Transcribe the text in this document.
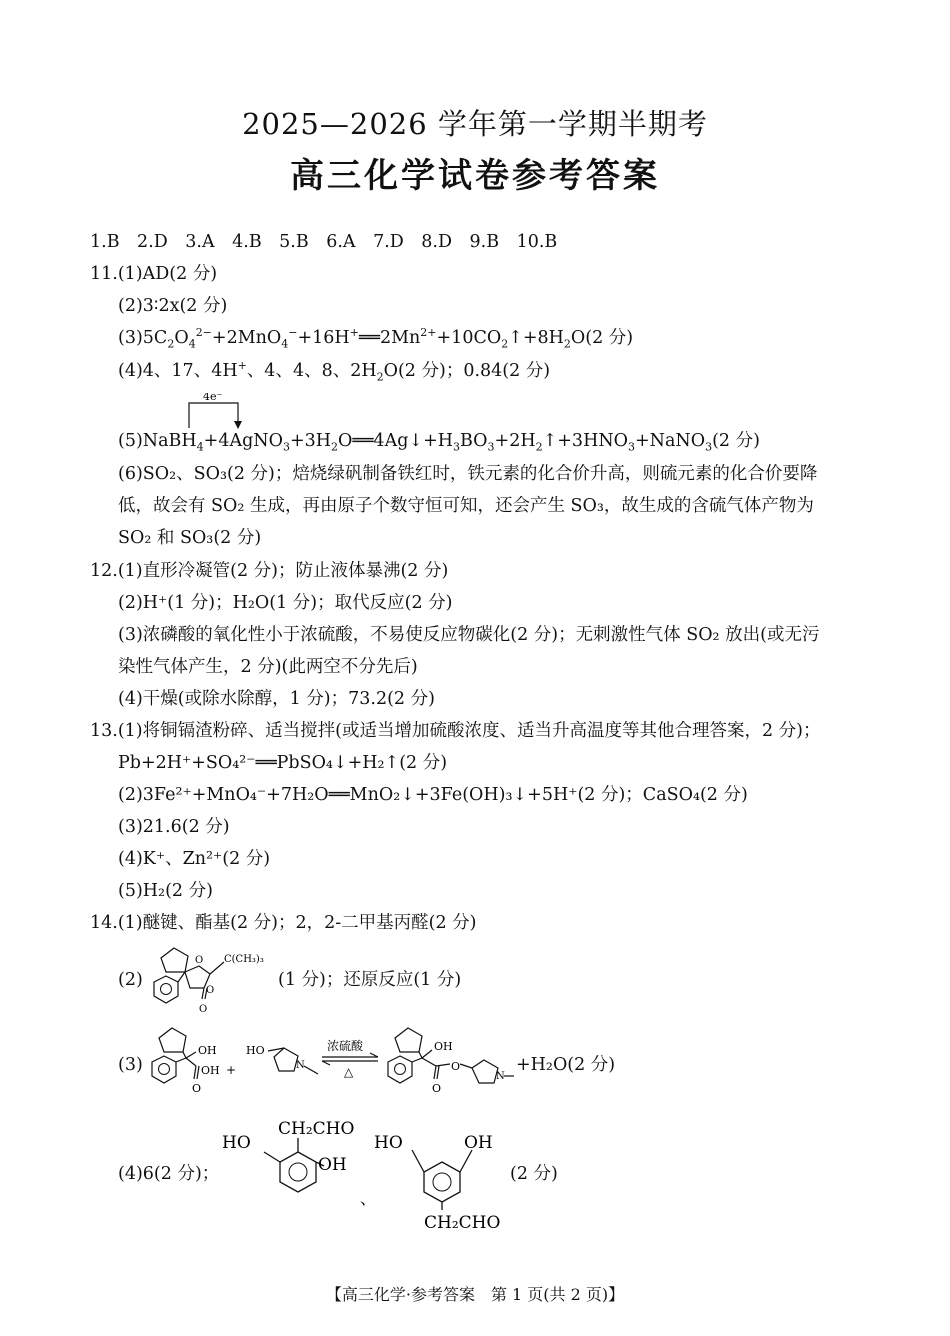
2025—2026 学年第一学期半期考
高三化学试卷参考答案
1.B　2.D　3.A　4.B　5.B　6.A　7.D　8.D　9.B　10.B
11.(1)AD(2 分)
(2)3∶2x(2 分)
$(3)5C_2O_4^{2-}+2MnO_4^-+16H^+══2Mn^{2+}+10CO_2↑+8H_2O(2$ 分)
(4)4、17、4H+、4、4、8、$2H_2O(2$ 分)；0.84(2 分)
4e⁻
$(5)NaBH_4+4AgNO_3+3H_2O══4Ag↓+H_3BO_3+2H_2↑+3HNO_3+NaNO_3(2$ 分)
(6)SO₂、SO₃(2 分)；焙烧绿矾制备铁红时，铁元素的化合价升高，则硫元素的化合价要降
低，故会有 SO₂ 生成，再由原子个数守恒可知，还会产生 SO₃，故生成的含硫气体产物为
SO₂ 和 SO₃(2 分)
12.(1)直形冷凝管(2 分)；防止液体暴沸(2 分)
(2)H⁺(1 分)；H₂O(1 分)；取代反应(2 分)
(3)浓磷酸的氧化性小于浓硫酸，不易使反应物碳化(2 分)；无刺激性气体 SO₂ 放出(或无污
染性气体产生，2 分)(此两空不分先后)
(4)干燥(或除水除醇，1 分)；73.2(2 分)
13.(1)将铜镉渣粉碎、适当搅拌(或适当增加硫酸浓度、适当升高温度等其他合理答案，2 分)；
Pb+2H⁺+SO₄²⁻══PbSO₄↓+H₂↑(2 分)
(2)3Fe²⁺+MnO₄⁻+7H₂O══MnO₂↓+3Fe(OH)₃↓+5H⁺(2 分)；CaSO₄(2 分)
(3)21.6(2 分)
(4)K⁺、Zn²⁺(2 分)
(5)H₂(2 分)
14.(1)醚键、酯基(2 分)；2，2-二甲基丙醛(2 分)
(2)
O
O
O
C(CH₃)₃
(1 分)；还原反应(1 分)
(3)
OH
OH
O
+
HO
N
浓硫酸
△
OH
O
O
N
+H₂O(2 分)
(4)6(2 分)；
HO
CH₂CHO
OH
、
HO	OH
CH₂CHO
(2 分)
【高三化学·参考答案　第 1 页(共 2 页)】
